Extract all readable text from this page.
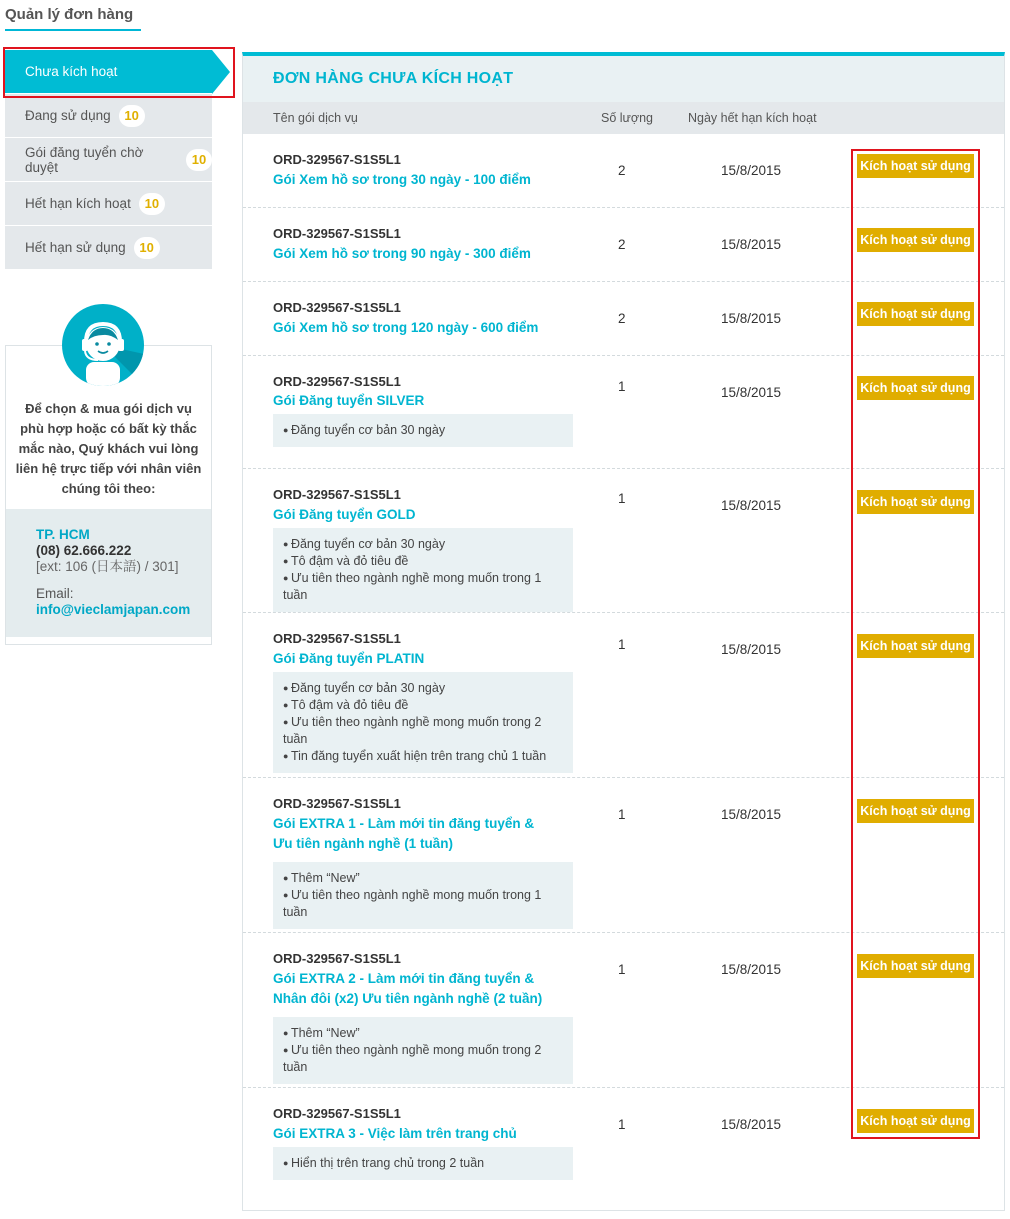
Quản lý đơn hàng
Chưa kích hoạt
Đang sử dụng	10
Gói đăng tuyển chờ duyệt	10
Hết hạn kích hoạt	10
Hết hạn sử dụng	10
Để chọn & mua gói dịch vụ phù hợp hoặc có bất kỳ thắc mắc nào, Quý khách vui lòng liên hệ trực tiếp với nhân viên chúng tôi theo:
TP. HCM
(08) 62.666.222
[ext: 106 (日本語) / 301]
Email:
info@vieclamjapan.com
ĐƠN HÀNG CHƯA KÍCH HOẠT
Tên gói dịch vụ	Số lượng	Ngày hết hạn kích hoạt
ORD-329567-S1S5L1
Gói Xem hồ sơ trong 30 ngày - 100 điểm
2	15/8/2015	Kích hoạt sử dụng
ORD-329567-S1S5L1
Gói Xem hồ sơ trong 90 ngày - 300 điểm
2	15/8/2015	Kích hoạt sử dụng
ORD-329567-S1S5L1
Gói Xem hồ sơ trong 120 ngày - 600 điểm
2	15/8/2015	Kích hoạt sử dụng
ORD-329567-S1S5L1
Gói Đăng tuyển SILVER
1	15/8/2015	Kích hoạt sử dụng
● Đăng tuyển cơ bản 30 ngày
ORD-329567-S1S5L1
Gói Đăng tuyển GOLD
1	15/8/2015	Kích hoạt sử dụng
● Đăng tuyển cơ bản 30 ngày
● Tô đậm và đỏ tiêu đề
● Ưu tiên theo ngành nghề mong muốn trong 1 tuần
ORD-329567-S1S5L1
Gói Đăng tuyển PLATIN
1	15/8/2015	Kích hoạt sử dụng
● Đăng tuyển cơ bản 30 ngày
● Tô đậm và đỏ tiêu đề
● Ưu tiên theo ngành nghề mong muốn trong 2 tuần
● Tin đăng tuyển xuất hiện trên trang chủ 1 tuần
ORD-329567-S1S5L1
Gói EXTRA 1 - Làm mới tin đăng tuyển &
Ưu tiên ngành nghề (1 tuần)
1	15/8/2015	Kích hoạt sử dụng
● Thêm “New”
● Ưu tiên theo ngành nghề mong muốn trong 1 tuần
ORD-329567-S1S5L1
Gói EXTRA 2 - Làm mới tin đăng tuyển &
Nhân đôi (x2) Ưu tiên ngành nghề (2 tuần)
1	15/8/2015	Kích hoạt sử dụng
● Thêm “New”
● Ưu tiên theo ngành nghề mong muốn trong 2 tuần
ORD-329567-S1S5L1
Gói EXTRA 3 - Việc làm trên trang chủ
1	15/8/2015	Kích hoạt sử dụng
● Hiển thị trên trang chủ trong 2 tuần
